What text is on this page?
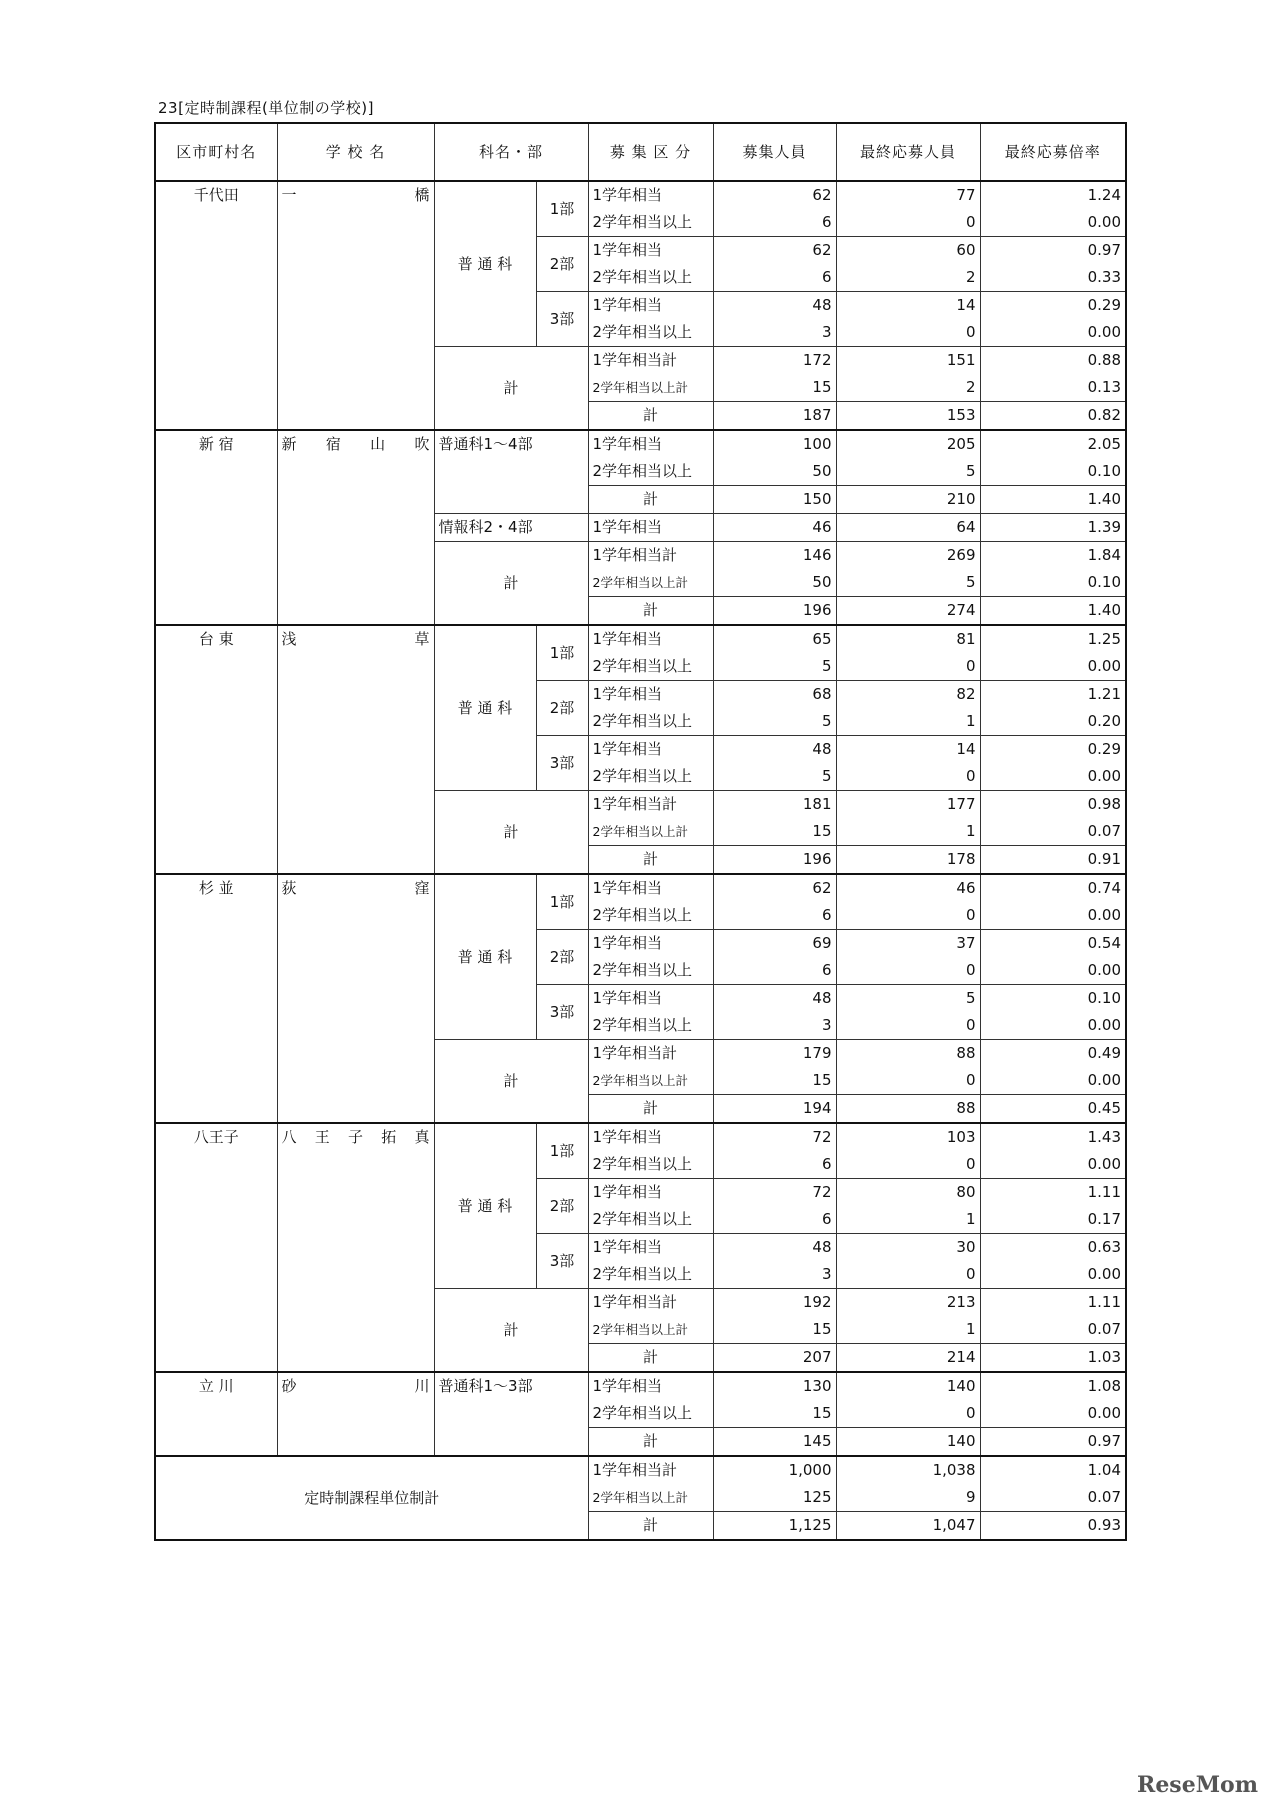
23[定時制課程(単位制の学校)]
区市町村名	学 校 名	科名・部		募 集 区 分	募集人員	最終応募人員	最終応募倍率
千代田	一 橋	普 通 科	1部	1学年相当	62	77	1.24
				2学年相当以上	6	0	0.00
			2部	1学年相当	62	60	0.97
				2学年相当以上	6	2	0.33
			3部	1学年相当	48	14	0.29
				2学年相当以上	3	0	0.00
		計		1学年相当計	172	151	0.88
				2学年相当以上計	15	2	0.13
				計	187	153	0.82
新 宿	新 宿 山 吹	普通科1～4部		1学年相当	100	205	2.05
				2学年相当以上	50	5	0.10
				計	150	210	1.40
		情報科2・4部		1学年相当	46	64	1.39
		計		1学年相当計	146	269	1.84
				2学年相当以上計	50	5	0.10
				計	196	274	1.40
台 東	浅 草	普 通 科	1部	1学年相当	65	81	1.25
				2学年相当以上	5	0	0.00
			2部	1学年相当	68	82	1.21
				2学年相当以上	5	1	0.20
			3部	1学年相当	48	14	0.29
				2学年相当以上	5	0	0.00
		計		1学年相当計	181	177	0.98
				2学年相当以上計	15	1	0.07
				計	196	178	0.91
杉 並	荻 窪	普 通 科	1部	1学年相当	62	46	0.74
				2学年相当以上	6	0	0.00
			2部	1学年相当	69	37	0.54
				2学年相当以上	6	0	0.00
			3部	1学年相当	48	5	0.10
				2学年相当以上	3	0	0.00
		計		1学年相当計	179	88	0.49
				2学年相当以上計	15	0	0.00
				計	194	88	0.45
八王子	八 王 子 拓 真	普 通 科	1部	1学年相当	72	103	1.43
				2学年相当以上	6	0	0.00
			2部	1学年相当	72	80	1.11
				2学年相当以上	6	1	0.17
			3部	1学年相当	48	30	0.63
				2学年相当以上	3	0	0.00
		計		1学年相当計	192	213	1.11
				2学年相当以上計	15	1	0.07
				計	207	214	1.03
立 川	砂 川	普通科1～3部		1学年相当	130	140	1.08
				2学年相当以上	15	0	0.00
				計	145	140	0.97
定時制課程単位制計				1学年相当計	1,000	1,038	1.04
				2学年相当以上計	125	9	0.07
				計	1,125	1,047	0.93
ReseMom
